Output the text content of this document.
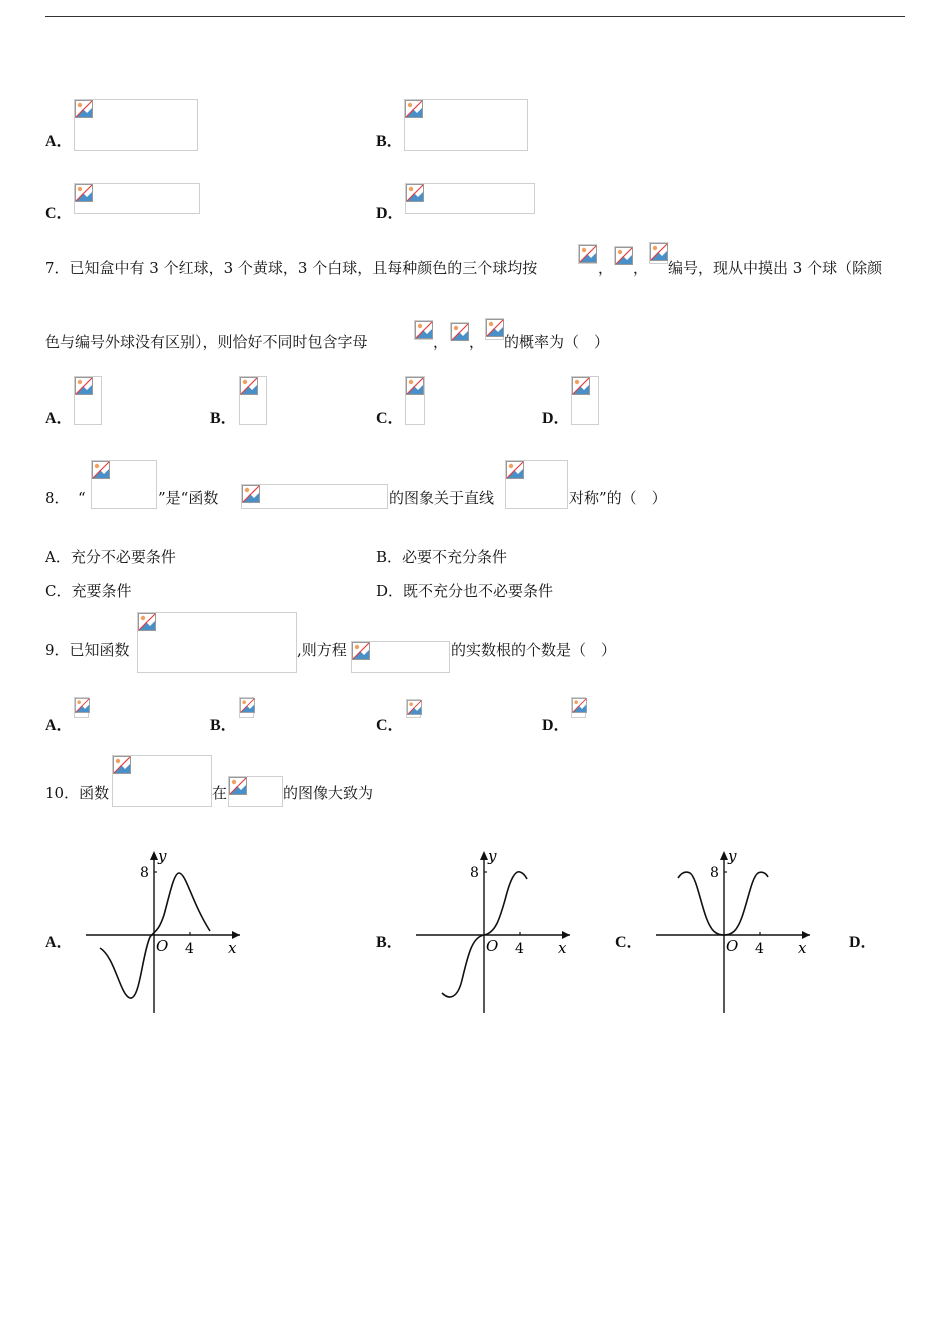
A．	B．
C．	D．
7．已知盒中有 3 个红球，3 个黄球，3 个白球，且每种颜色的三个球均按	， ， 编号，现从中摸出 3 个球（除颜
色与编号外球没有区别），则恰好不同时包含字母	， ， 的概率为（　）
A．	B．	C．	D．
8． “	”是“函数	的图象关于直线	对称”的（　）
A．充分不必要条件	B．必要不充分条件
C．充要条件	D．既不充分也不必要条件
9．已知函数	,则方程	的实数根的个数是（　）
A．	B．	C．	D．
10．函数	在	的图像大致为
A．
y
8
O 4 x	B．
y
8
O 4 x	C．
y
8
O 4 x	D．
